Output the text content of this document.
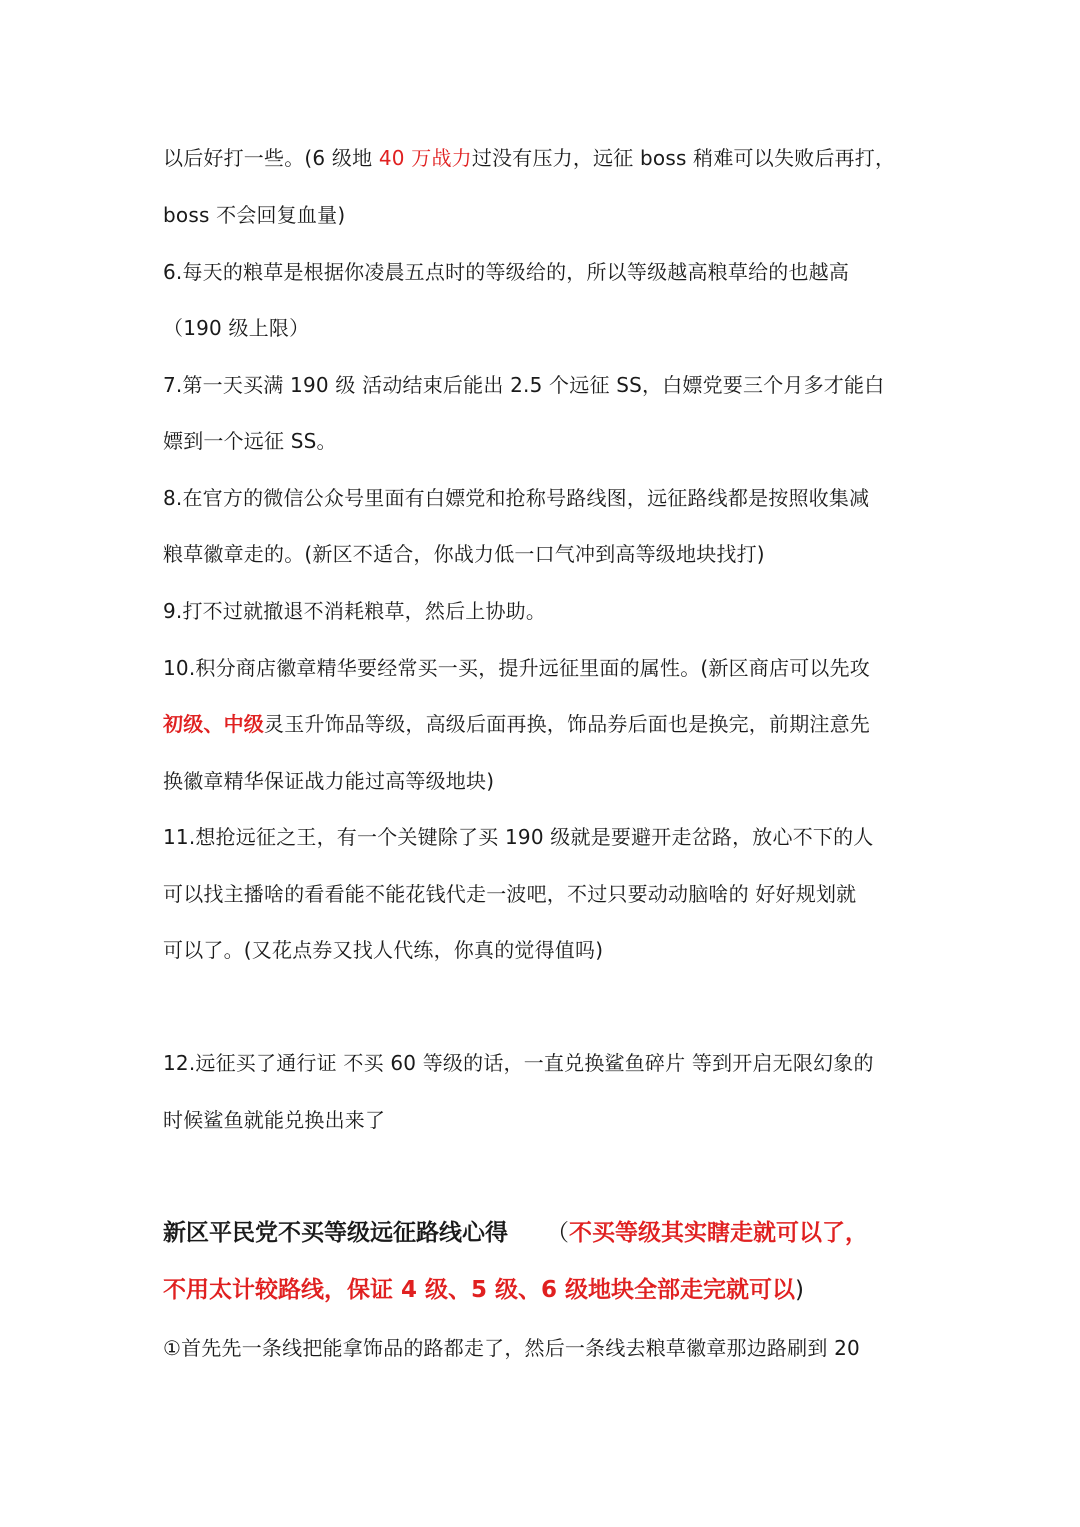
以后好打一些。(6 级地 40 万战力过没有压力，远征 boss 稍难可以失败后再打，
boss 不会回复血量)
6.每天的粮草是根据你凌晨五点时的等级给的，所以等级越高粮草给的也越高
（190 级上限）
7.第一天买满 190 级 活动结束后能出 2.5 个远征 SS，白嫖党要三个月多才能白
嫖到一个远征 SS。
8.在官方的微信公众号里面有白嫖党和抢称号路线图，远征路线都是按照收集减
粮草徽章走的。(新区不适合，你战力低一口气冲到高等级地块找打)
9.打不过就撤退不消耗粮草，然后上协助。
10.积分商店徽章精华要经常买一买，提升远征里面的属性。(新区商店可以先攻
初级、中级灵玉升饰品等级，高级后面再换，饰品券后面也是换完，前期注意先
换徽章精华保证战力能过高等级地块)
11.想抢远征之王，有一个关键除了买 190 级就是要避开走岔路，放心不下的人
可以找主播啥的看看能不能花钱代走一波吧，不过只要动动脑啥的 好好规划就
可以了。(又花点券又找人代练，你真的觉得值吗)
12.远征买了通行证 不买 60 等级的话，一直兑换鲨鱼碎片 等到开启无限幻象的
时候鲨鱼就能兑换出来了
新区平民党不买等级远征路线心得 （不买等级其实瞎走就可以了，
不用太计较路线，保证 4 级、5 级、6 级地块全部走完就可以)
①首先先一条线把能拿饰品的路都走了，然后一条线去粮草徽章那边路刷到 20
